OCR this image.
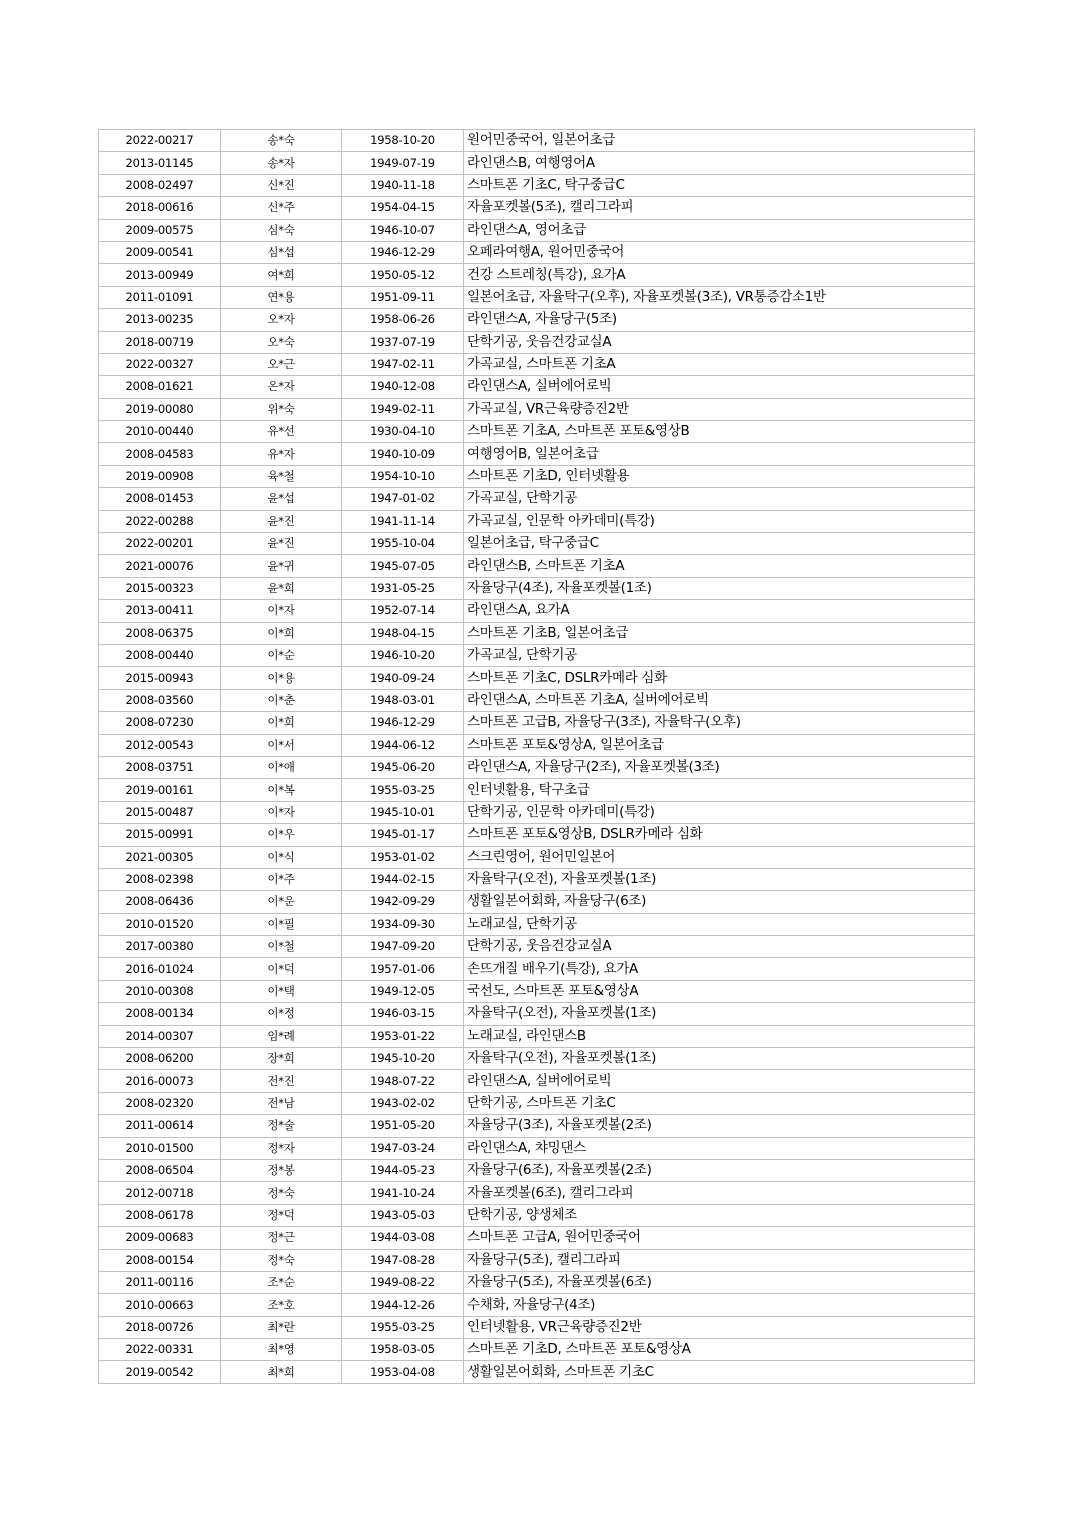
2022-00217	송*숙	1958-10-20	원어민중국어, 일본어초급
2013-01145	송*자	1949-07-19	라인댄스B, 여행영어A
2008-02497	신*진	1940-11-18	스마트폰 기초C, 탁구중급C
2018-00616	신*주	1954-04-15	자율포켓볼(5조), 캘리그라피
2009-00575	심*숙	1946-10-07	라인댄스A, 영어초급
2009-00541	심*섭	1946-12-29	오페라여행A, 원어민중국어
2013-00949	여*희	1950-05-12	건강 스트레칭(특강), 요가A
2011-01091	연*용	1951-09-11	일본어초급, 자율탁구(오후), 자율포켓볼(3조), VR통증감소1반
2013-00235	오*자	1958-06-26	라인댄스A, 자율당구(5조)
2018-00719	오*숙	1937-07-19	단학기공, 웃음건강교실A
2022-00327	오*근	1947-02-11	가곡교실, 스마트폰 기초A
2008-01621	온*자	1940-12-08	라인댄스A, 실버에어로빅
2019-00080	위*숙	1949-02-11	가곡교실, VR근육량증진2반
2010-00440	유*선	1930-04-10	스마트폰 기초A, 스마트폰 포토&영상B
2008-04583	유*자	1940-10-09	여행영어B, 일본어초급
2019-00908	육*철	1954-10-10	스마트폰 기초D, 인터넷활용
2008-01453	윤*섭	1947-01-02	가곡교실, 단학기공
2022-00288	윤*진	1941-11-14	가곡교실, 인문학 아카데미(특강)
2022-00201	윤*진	1955-10-04	일본어초급, 탁구중급C
2021-00076	윤*귀	1945-07-05	라인댄스B, 스마트폰 기초A
2015-00323	윤*희	1931-05-25	자율당구(4조), 자율포켓볼(1조)
2013-00411	이*자	1952-07-14	라인댄스A, 요가A
2008-06375	이*희	1948-04-15	스마트폰 기초B, 일본어초급
2008-00440	이*순	1946-10-20	가곡교실, 단학기공
2015-00943	이*용	1940-09-24	스마트폰 기초C, DSLR카메라 심화
2008-03560	이*춘	1948-03-01	라인댄스A, 스마트폰 기초A, 실버에어로빅
2008-07230	이*희	1946-12-29	스마트폰 고급B, 자율당구(3조), 자율탁구(오후)
2012-00543	이*서	1944-06-12	스마트폰 포토&영상A, 일본어초급
2008-03751	이*애	1945-06-20	라인댄스A, 자율당구(2조), 자율포켓볼(3조)
2019-00161	이*복	1955-03-25	인터넷활용, 탁구초급
2015-00487	이*자	1945-10-01	단학기공, 인문학 아카데미(특강)
2015-00991	이*우	1945-01-17	스마트폰 포토&영상B, DSLR카메라 심화
2021-00305	이*식	1953-01-02	스크린영어, 원어민일본어
2008-02398	이*주	1944-02-15	자율탁구(오전), 자율포켓볼(1조)
2008-06436	이*운	1942-09-29	생활일본어회화, 자율당구(6조)
2010-01520	이*필	1934-09-30	노래교실, 단학기공
2017-00380	이*철	1947-09-20	단학기공, 웃음건강교실A
2016-01024	이*덕	1957-01-06	손뜨개질 배우기(특강), 요가A
2010-00308	이*택	1949-12-05	국선도, 스마트폰 포토&영상A
2008-00134	이*정	1946-03-15	자율탁구(오전), 자율포켓볼(1조)
2014-00307	임*례	1953-01-22	노래교실, 라인댄스B
2008-06200	장*희	1945-10-20	자율탁구(오전), 자율포켓볼(1조)
2016-00073	전*진	1948-07-22	라인댄스A, 실버에어로빅
2008-02320	전*남	1943-02-02	단학기공, 스마트폰 기초C
2011-00614	정*술	1951-05-20	자율당구(3조), 자율포켓볼(2조)
2010-01500	정*자	1947-03-24	라인댄스A, 챠밍댄스
2008-06504	정*봉	1944-05-23	자율당구(6조), 자율포켓볼(2조)
2012-00718	정*숙	1941-10-24	자율포켓볼(6조), 캘리그라피
2008-06178	정*덕	1943-05-03	단학기공, 양생체조
2009-00683	정*근	1944-03-08	스마트폰 고급A, 원어민중국어
2008-00154	정*숙	1947-08-28	자율당구(5조), 캘리그라피
2011-00116	조*순	1949-08-22	자율당구(5조), 자율포켓볼(6조)
2010-00663	조*호	1944-12-26	수채화, 자율당구(4조)
2018-00726	최*란	1955-03-25	인터넷활용, VR근육량증진2반
2022-00331	최*영	1958-03-05	스마트폰 기초D, 스마트폰 포토&영상A
2019-00542	최*희	1953-04-08	생활일본어회화, 스마트폰 기초C
